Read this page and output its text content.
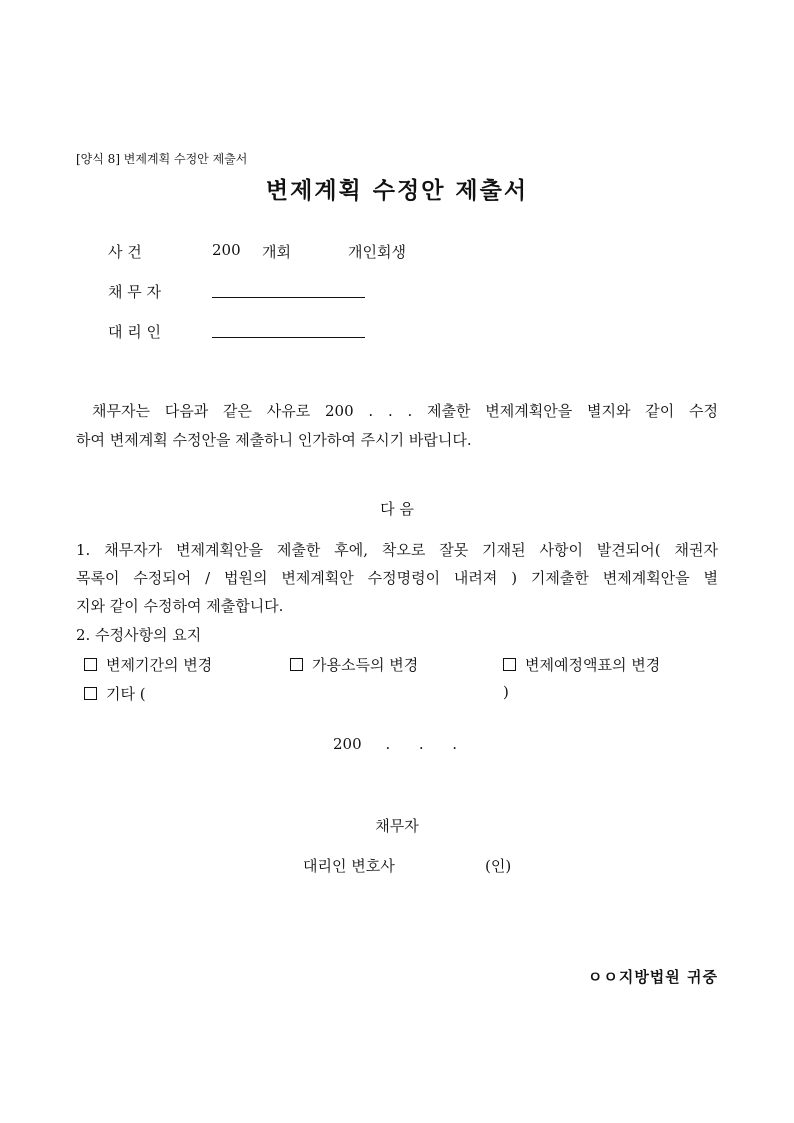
[양식 8] 변제계획 수정안 제출서
변제계획 수정안 제출서
사 건	200 개회	개인회생
채 무 자
대 리 인
채무자는 다음과 같은 사유로 200 . . . 제출한 변제계획안을 별지와 같이 수정
하여 변제계획 수정안을 제출하니 인가하여 주시기 바랍니다.
다 음
1. 채무자가 변제계획안을 제출한 후에, 착오로 잘못 기재된 사항이 발견되어( 채권자
목록이 수정되어 / 법원의 변제계획안 수정명령이 내려져 ) 기제출한 변제계획안을 별
지와 같이 수정하여 제출합니다.
2. 수정사항의 요지
변제기간의 변경	가용소득의 변경	변제예정액표의 변경
기타 (	)
200     .      .      .
채무자
대리인 변호사	(인)
ㅇㅇ지방법원 귀중
